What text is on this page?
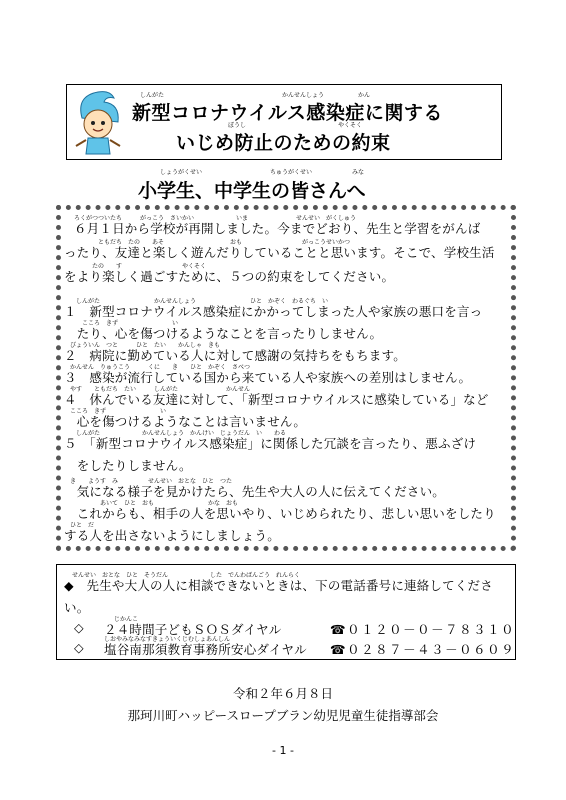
しんがた	かんせんしょう	かん
新型コロナウイルス感染症に関する
ぼうし	やくそく
いじめ防止のための約束
しょうがくせい	ちゅうがくせい	みな
小学生、中学生の皆さんへ
ろくがつついたち　　　がっこう　さいかい　　　　　　　いま　　　　　　　　せんせい　がくしゅう
６月１日から学校が再開しました。今までどおり、先生と学習をがんば
　　　　ともだち　たの　　あそ　　　　　　　　　　　おも　　　　　　　　　　がっこうせいかつ
ったり、友達と楽しく遊んだりしていることと思います。そこで、学校生活
　　　たの　　す　　　　　　　　　　やくそく
をより楽しく過ごすために、５つの約束をしてください。
　　しんがた　　　　　　　　　かんせんしょう　　　　　　　　　ひと　かぞく　わるぐち　い
１　新型コロナウイルス感染症にかかってしまった人や家族の悪口を言っ
　　　こころ　きず　　　　　　　　　い
　たり、心を傷つけるようなことを言ったりしません。
　びょういん　つと　　　ひと　たい　　かんしゃ　きも
２　病院に勤めている人に対して感謝の気持ちをもちます。
　かんせん　りゅうこう　　　くに　　き　　ひと　かぞく　さべつ
３　感染が流行している国から来ている人や家族への差別はしません。
　やす　　ともだち　たい　　　しんがた　　　　　　　　かんせん
４　休んでいる友達に対して、「新型コロナウイルスに感染している」など
　こころ　きず　　　　　　　　　い
　心を傷つけるようなことは言いません。
　　しんがた　　　　　　　かんせんしょう　かんけい　じょうだん　い　　わる
５　「新型コロナウイルス感染症」に関係した冗談を言ったり、悪ふざけ
　をしたりしません。
　き　　ようす　み　　　　　せんせい　おとな　ひと　つた
　気になる様子を見かけたら、先生や大人の人に伝えてください。
　　　　　　あいて　ひと　おも　　　　　　　　　かな　おも
　これからも、相手の人を思いやり、いじめられたり、悲しい思いをしたり
　ひと　だ
する人を出さないようにしましょう。
　せんせい　おとな　ひと　そうだん　　　　　　　した　でんわばんごう　れんらく
◆　先生や大人の人に相談できないときは、下の電話番号に連絡してくださ
い。
　　　　じかんこ
◇ ２４時間子どもＳＯＳダイヤル	☎０１２０－０－７８３１０
しおやみなみなすきょういくじむしょあんしん
◇ 塩谷南那須教育事務所安心ダイヤル ☎０２８７－４３－０６０９
令和２年６月８日
那珂川町ハッピースロープブラン幼児児童生徒指導部会
- 1 -
